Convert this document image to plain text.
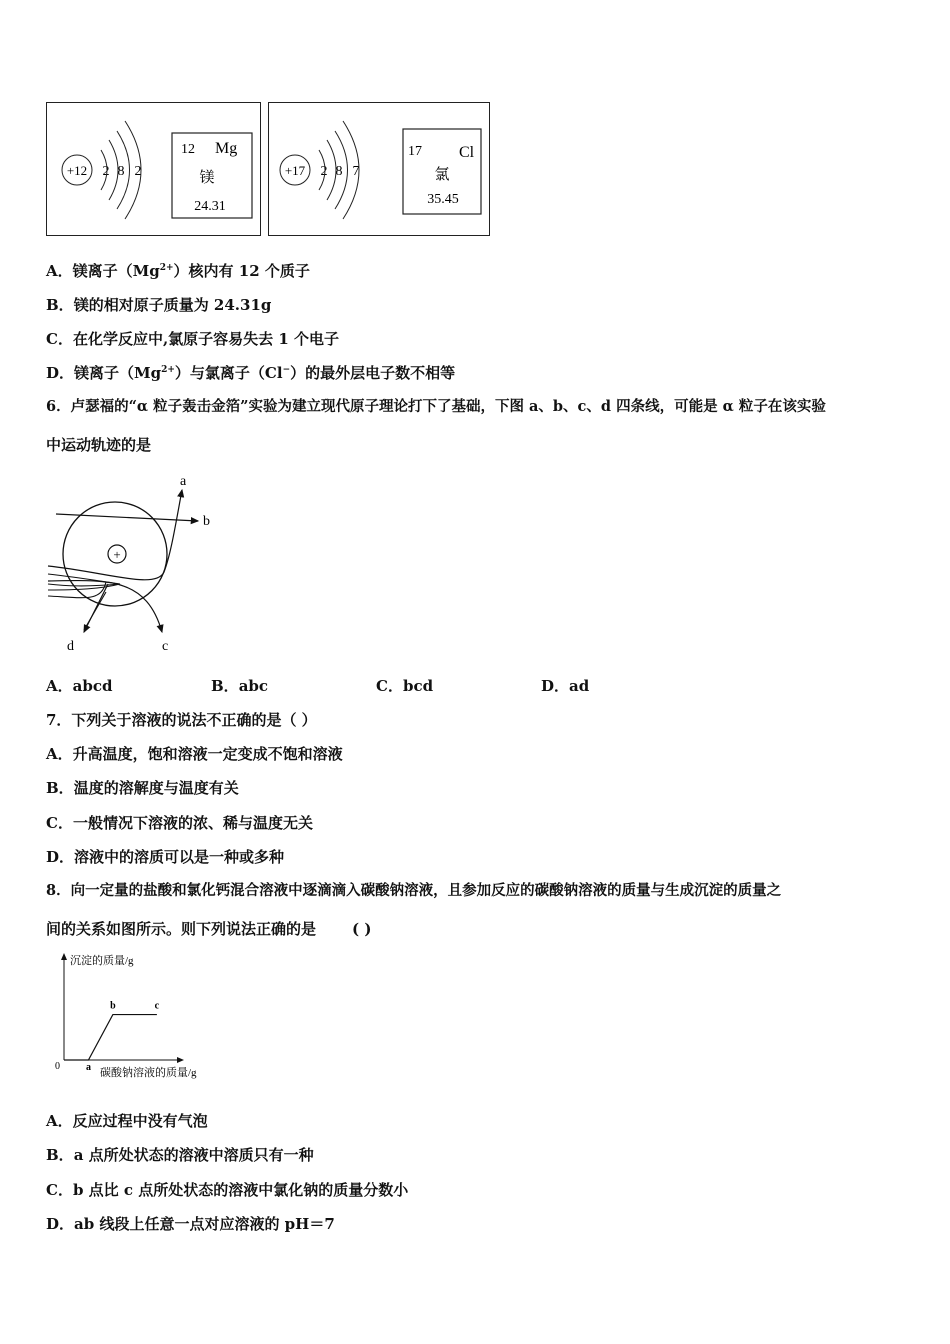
+12 2 8 2
12 Mg
镁
24.31
+17 2 8 7
17 Cl
氯
35.45
A．镁离子$(Mg^{2+})$核内有 12 个质子
B．镁的相对原子质量为 24.31g
C．在化学反应中,氯原子容易失去 1 个电子
D．镁离子$(Mg^{2+})$与氯离子（Cl−）的最外层电子数不相等
6．卢瑟福的“α 粒子轰击金箔”实验为建立现代原子理论打下了基础，下图 a、b、c、d 四条线，可能是 α 粒子在该实验
中运动轨迹的是
+
a
b
c
d
A．abcd	B．abc	C．bcd	D．ad
7．下列关于溶液的说法不正确的是（ ）
A．升高温度，饱和溶液一定变成不饱和溶液
B．温度的溶解度与温度有关
C．一般情况下溶液的浓、稀与温度无关
D．溶液中的溶质可以是一种或多种
8．向一定量的盐酸和氯化钙混合溶液中逐滴滴入碳酸钠溶液，且参加反应的碳酸钠溶液的质量与生成沉淀的质量之
间的关系如图所示。则下列说法正确的是 ( )
沉淀的质量/g
碳酸钠溶液的质量/g
0	a
b	c
A．反应过程中没有气泡
B．a 点所处状态的溶液中溶质只有一种
C．b 点比 c 点所处状态的溶液中氯化钠的质量分数小
D．ab 线段上任意一点对应溶液的 pH＝7
